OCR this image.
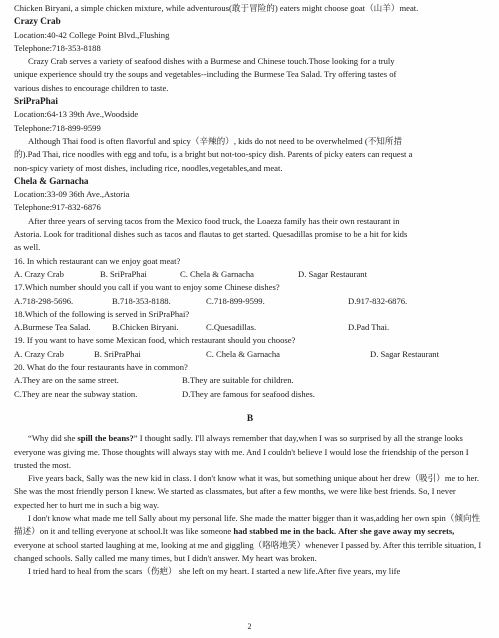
Chicken Biryani, a simple chicken mixture, while adventurous(敢于冒险的) eaters might choose goat（山羊）meat.
Crazy Crab
Location:40-42 College Point Blvd.,Flushing
Telephone:718-353-8188
Crazy Crab serves a variety of seafood dishes with a Burmese and Chinese touch.Those looking for a truly
unique experience should try the soups and vegetables--including the Burmese Tea Salad. Try offering tastes of
various dishes to encourage children to taste.
SriPraPhai
Location:64-13 39th Ave.,Woodside
Telephone:718-899-9599
Although Thai food is often flavorful and spicy（辛辣的）, kids do not need to be overwhelmed (不知所措
的).Pad Thai, rice noodles with egg and tofu, is a bright but not-too-spicy dish. Parents of picky eaters can request a
non-spicy variety of most dishes, including rice, noodles,vegetables,and meat.
Chela & Garnacha
Location:33-09 36th Ave.,Astoria
Telephone:917-832-6876
After three years of serving tacos from the Mexico food truck, the Loaeza family has their own restaurant in
Astoria. Look for traditional dishes such as tacos and flautas to get started. Quesadillas promise to be a hit for kids
as well.
16. In which restaurant can we enjoy goat meat?
A. Crazy Crab	B. SriPraPhai	C. Chela & Garnacha	D. Sagar Restaurant
17.Which number should you call if you want to enjoy some Chinese dishes?
A.718-298-5696.	B.718-353-8188.	C.718-899-9599.	D.917-832-6876.
18.Which of the following is served in SriPraPhai?
A.Burmese Tea Salad.	B.Chicken Biryani.	C.Quesadillas.	D.Pad Thai.
19. If you want to have some Mexican food, which restaurant should you choose?
A. Crazy Crab	B. SriPraPhai	C. Chela & Garnacha	D. Sagar Restaurant
20. What do the four restaurants have in common?
A.They are on the same street.	B.They are suitable for children.
C.They are near the subway station.	D.They are famous for seafood dishes.
B
“Why did she spill the beans?” I thought sadly. I'll always remember that day,when I was so surprised by all the strange looks everyone was giving me. Those thoughts will always stay with me. And I couldn't believe I would lose the friendship of the person I trusted the most.
Five years back, Sally was the new kid in class. I don't know what it was, but something unique about her drew（吸引）me to her. She was the most friendly person I knew. We started as classmates, but after a few months, we were like best friends. So, I never expected her to hurt me in such a big way.
I don't know what made me tell Sally about my personal life. She made the matter bigger than it was,adding her own spin（倾向性描述）on it and telling everyone at school.It was like someone had stabbed me in the back. After she gave away my secrets, everyone at school started laughing at me, looking at me and giggling（咯咯地笑）whenever I passed by. After this terrible situation, I changed schools. Sally called me many times, but I didn't answer. My heart was broken.
I tried hard to heal from the scars（伤疤） she left on my heart. I started a new life.After five years, my life
2
